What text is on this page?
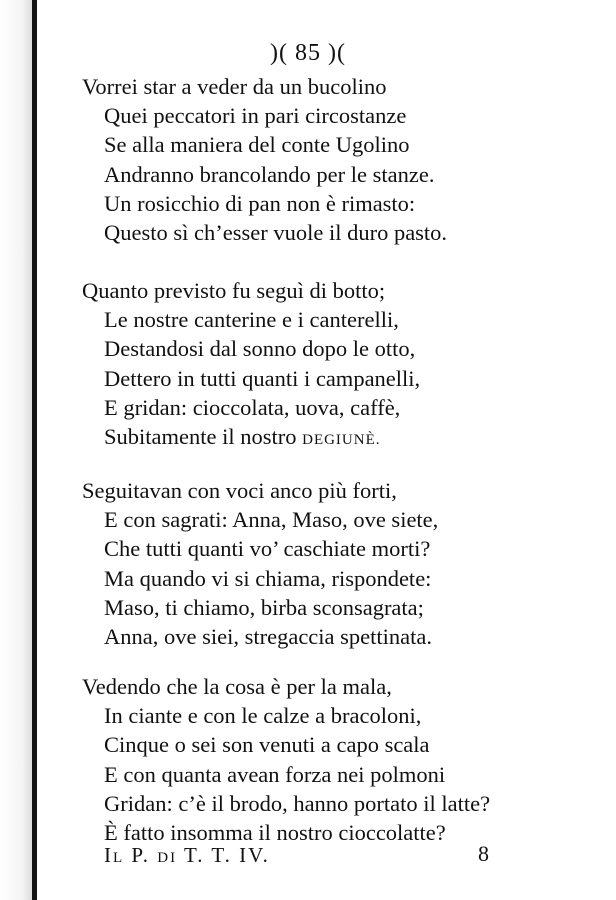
)( 85 )(
Vorrei star a veder da un bucolino
Quei peccatori in pari circostanze
Se alla maniera del conte Ugolino
Andranno brancolando per le stanze.
Un rosicchio di pan non è rimasto:
Questo sì ch’esser vuole il duro pasto.
Quanto previsto fu seguì di botto;
Le nostre canterine e i canterelli,
Destandosi dal sonno dopo le otto,
Dettero in tutti quanti i campanelli,
E gridan: cioccolata, uova, caffè,
Subitamente il nostro DEGIUNÈ.
Seguitavan con voci anco più forti,
E con sagrati: Anna, Maso, ove siete,
Che tutti quanti vo’ caschiate morti?
Ma quando vi si chiama, rispondete:
Maso, ti chiamo, birba sconsagrata;
Anna, ove siei, stregaccia spettinata.
Vedendo che la cosa è per la mala,
In ciante e con le calze a bracoloni,
Cinque o sei son venuti a capo scala
E con quanta avean forza nei polmoni
Gridan: c’è il brodo, hanno portato il latte?
È fatto insomma il nostro cioccolatte?
IL P. DI T. T. IV.	8
